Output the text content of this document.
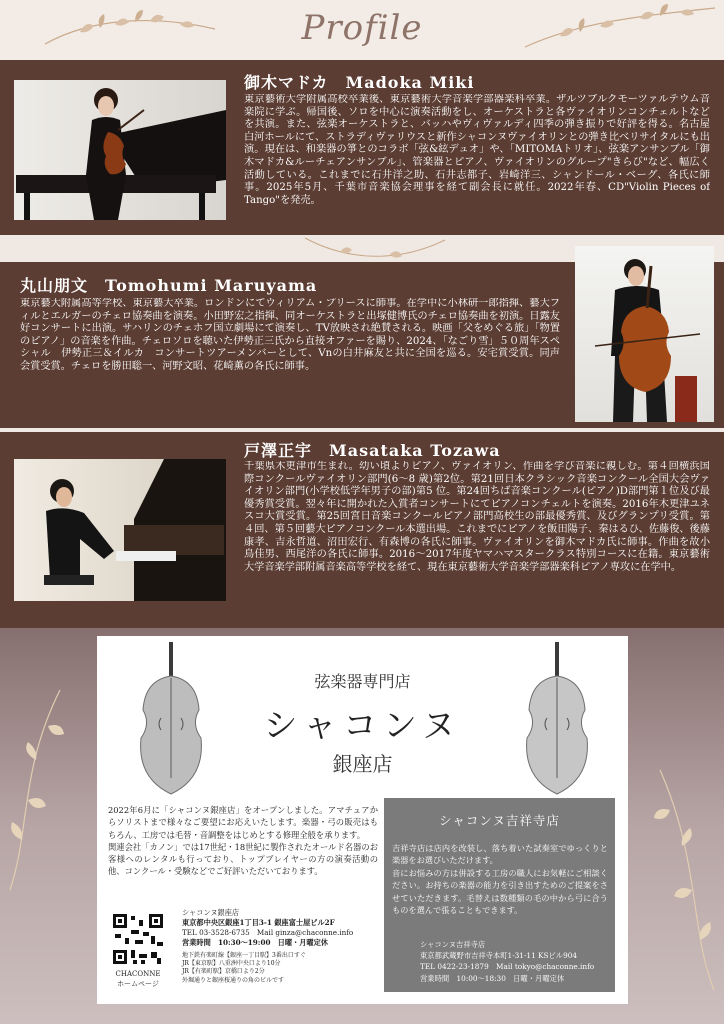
Profile
御木マドカ　Madoka Miki
東京藝術大学附属高校卒業後、東京藝術大学音楽学部器楽科卒業。ザルツブルクモーツァルテウム音楽院に学ぶ。帰国後、ソロを中心に演奏活動をし、オーケストラと各ヴァイオリンコンチェルトなどを共演。また、弦楽オーケストラと、バッハやヴィヴァルディ四季の弾き振りで好評を得る。名古屋白河ホールにて、ストラディヴァリウスと新作シャコンヌヴァイオリンとの弾き比べリサイタルにも出演。現在は、和楽器の箏とのコラボ「弦&絃デュオ」や、「MITOMAトリオ」、弦楽アンサンブル「御木マドカ&ルーチェアンサンブル」、管楽器とピアノ、ヴァイオリンのグループ"きらび"など、幅広く活動している。これまでに石井洋之助、石井志都子、岩崎洋三、シャンドール・ベーグ、各氏に師事。2025年5月、千葉市音楽協会理事を経て副会長に就任。2022年春、CD"Violin Pieces of Tango"を発売。
丸山朋文　Tomohumi Maruyama
東京藝大附属高等学校、東京藝大卒業。ロンドンにてウィリアム・プリースに師事。在学中に小林研一郎指揮、藝大フィルとエルガーのチェロ協奏曲を演奏。小田野宏之指揮、同オーケストラと出塚健博氏のチェロ協奏曲を初演。日露友好コンサートに出演。サハリンのチェホフ国立劇場にて演奏し、TV放映され絶賛される。映画「父をめぐる旅」「物置のピアノ」の音楽を作曲。チェロソロを聴いた伊勢正三氏から直接オファーを賜り、2024、「なごり雪」５０周年スペシャル　伊勢正三＆イルカ　コンサートツアーメンバーとして、Vnの白井麻友と共に全国を巡る。安宅賞受賞。同声会賞受賞。チェロを勝田聡一、河野文昭、花崎薫の各氏に師事。
戸澤正宇　Masataka Tozawa
千葉県木更津市生まれ。幼い頃よりピアノ、ヴァイオリン、作曲を学び音楽に親しむ。第４回横浜国際コンクールヴァイオリン部門(6～8 歳)第2位。第21回日本クラシック音楽コンクール全国大会ヴァイオリン部門(小学校低学年男子の部)第5 位。第24回ちば音楽コンクール(ピアノ)D部門第１位及び最優秀賞受賞。翌々年に開かれた入賞者コンサートにてピアノコンチェルトを演奏。2016年木更津ユネスコ大賞受賞。第25回宮日音楽コンクールピアノ部門高校生の部最優秀賞、及びグランプリ受賞。第４回、第５回藝大ピアノコンクール本選出場。これまでにピアノを飯田陽子、秦はるひ、佐藤俊、後藤康孝、吉永哲道、沼田宏行、有森博の各氏に師事。ヴァイオリンを御木マドカ氏に師事。作曲を故小鳥佳男、西尾洋の各氏に師事。2016～2017年度ヤマハマスタークラス特別コースに在籍。東京藝術大学音楽学部附属音楽高等学校を経て、現在東京藝術大学音楽学部器楽科ピアノ専攻に在学中。
弦楽器専門店
シャコンヌ
銀座店

2022年6月に「シャコンヌ銀座店」をオープンしました。アマチュアからソリストまで様々なご要望にお応えいたします。楽器・弓の販売はもちろん、工房では毛替・音調整をはじめとする修理全般を承ります。

関連会社「カノン」では17世紀・18世紀に製作されたオールド名器のお客様へのレンタルも行っており、トップブレイヤーの方の演奏活動の他、コンクール・受験などでご好評いただいております。

CHACONNE
ホームページ
シャコンヌ銀座店
東京都中央区銀座1丁目3-1 銀座富士屋ビル2F
TEL 03-3528-6735　Mail ginza@chaconne.info
営業時間　10:30～19:00　日曜・月曜定休
地下鉄有楽町線【銀座一丁目駅】3番出口すぐ
JR【東京駅】八重洲中央口より10分
JR【有楽町駅】京橋口より2分
外堀通りと銀座桜通りの角のビルです
シャコンヌ吉祥寺店

吉祥寺店は店内を改装し、落ち着いた試奏室でゆっくりと楽器をお選びいただけます。

音にお悩みの方は併設する工房の職人にお気軽にご相談ください。お持ちの楽器の能力を引き出すためのご提案をさせていただきます。毛替えは数種類の毛の中から弓に合うものを選んで張ることもできます。

シャコンヌ吉祥寺店
東京都武蔵野市吉祥寺本町1-31-11 KSビル904
TEL 0422-23-1879　Mail tokyo@chaconne.info
営業時間　10:00～18:30　日曜・月曜定休
